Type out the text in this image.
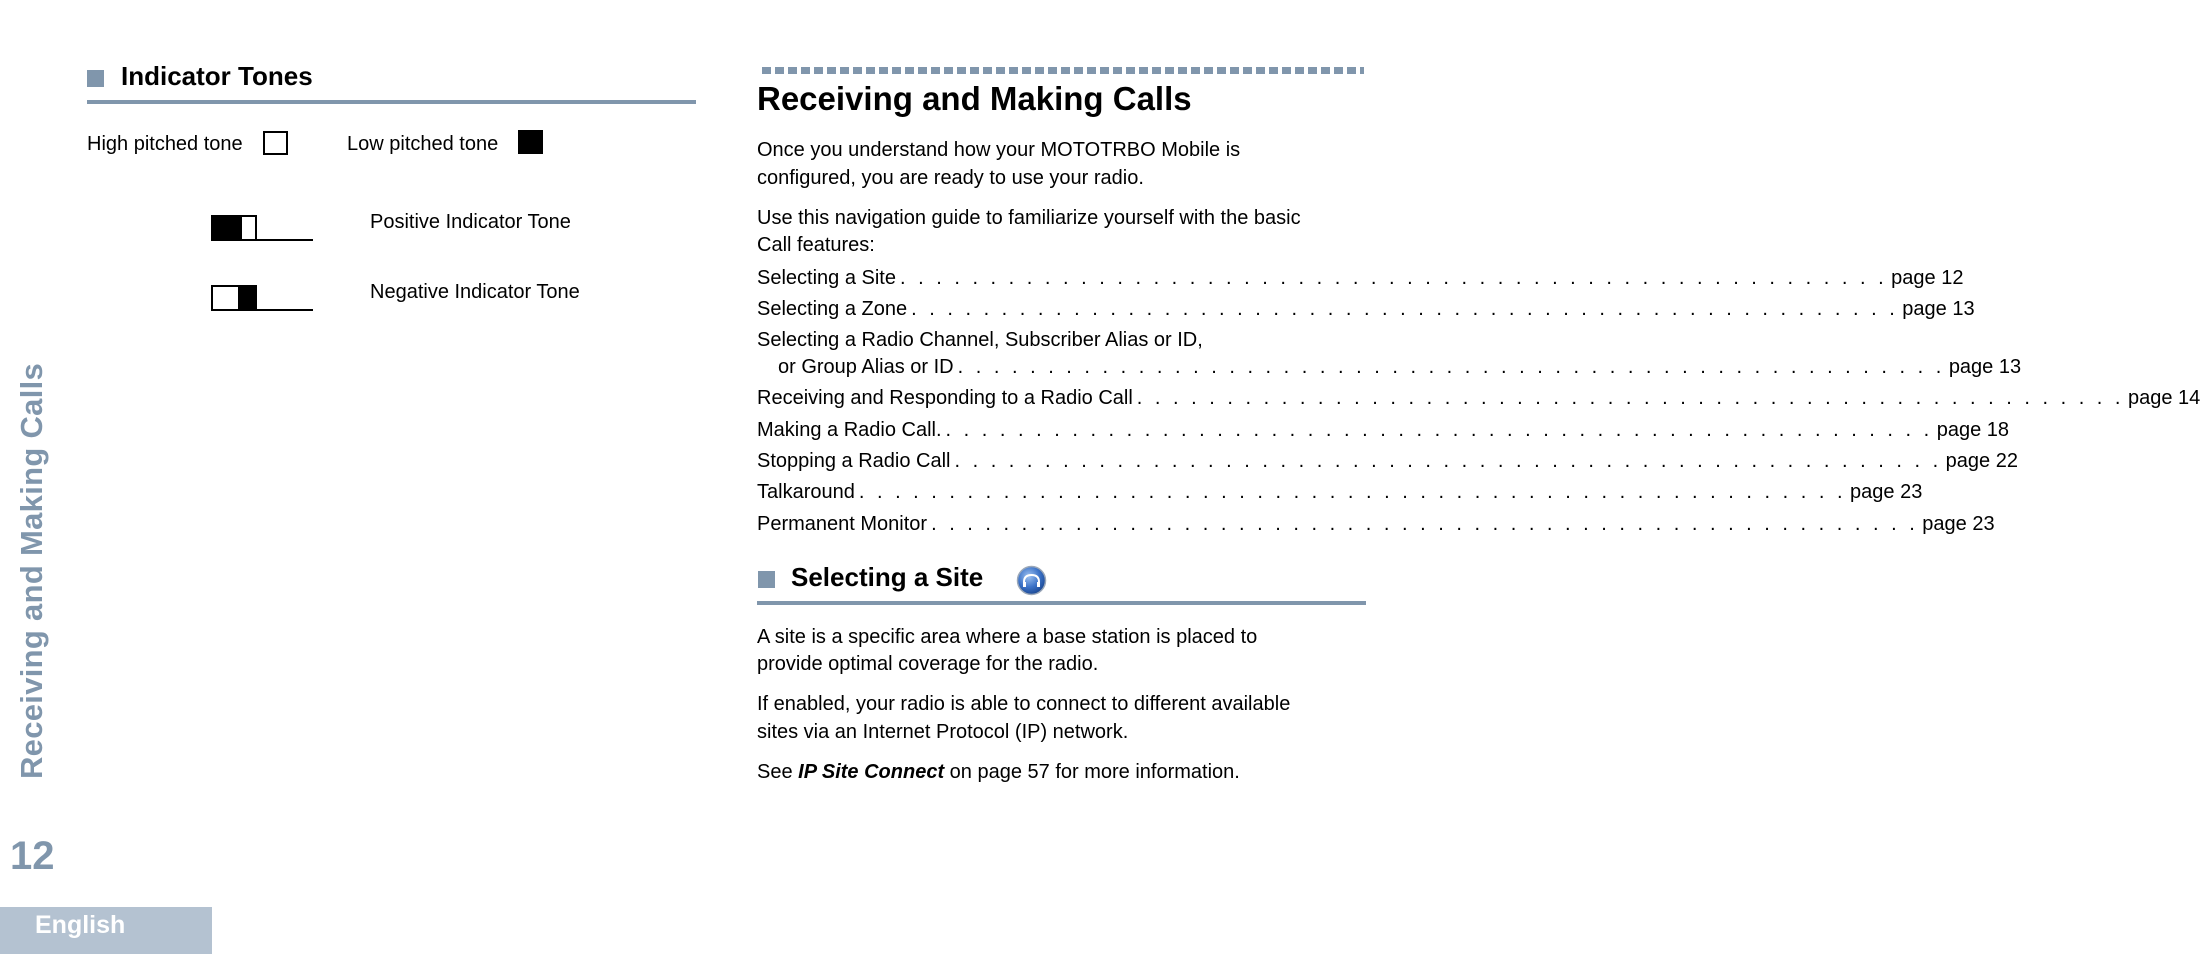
Receiving and Making Calls
12
English
Indicator Tones
High pitched tone	Low pitched tone
Positive Indicator Tone
Negative Indicator Tone
Receiving and Making Calls
Once you understand how your MOTOTRBO Mobile is
configured, you are ready to use your radio.
Use this navigation guide to familiarize yourself with the basic
Call features:
Selecting a Site . . . . . . . . . . . . . . . . . . . . . . . . . . . . . . . . . . . . . . . . . . . . . . . . . . . . . . . page 12
Selecting a Zone . . . . . . . . . . . . . . . . . . . . . . . . . . . . . . . . . . . . . . . . . . . . . . . . . . . . . . . page 13
Selecting a Radio Channel, Subscriber Alias or ID,
or Group Alias or ID . . . . . . . . . . . . . . . . . . . . . . . . . . . . . . . . . . . . . . . . . . . . . . . . . . . . . . . page 13
Receiving and Responding to a Radio Call . . . . . . . . . . . . . . . . . . . . . . . . . . . . . . . . . . . . . . . . . . . . . . . . . . . . . . . page 14
Making a Radio Call. . . . . . . . . . . . . . . . . . . . . . . . . . . . . . . . . . . . . . . . . . . . . . . . . . . . . . . . page 18
Stopping a Radio Call . . . . . . . . . . . . . . . . . . . . . . . . . . . . . . . . . . . . . . . . . . . . . . . . . . . . . . . page 22
Talkaround . . . . . . . . . . . . . . . . . . . . . . . . . . . . . . . . . . . . . . . . . . . . . . . . . . . . . . . page 23
Permanent Monitor . . . . . . . . . . . . . . . . . . . . . . . . . . . . . . . . . . . . . . . . . . . . . . . . . . . . . . . page 23
Selecting a Site
A site is a specific area where a base station is placed to
provide optimal coverage for the radio.
If enabled, your radio is able to connect to different available
sites via an Internet Protocol (IP) network.
See IP Site Connect on page 57 for more information.
